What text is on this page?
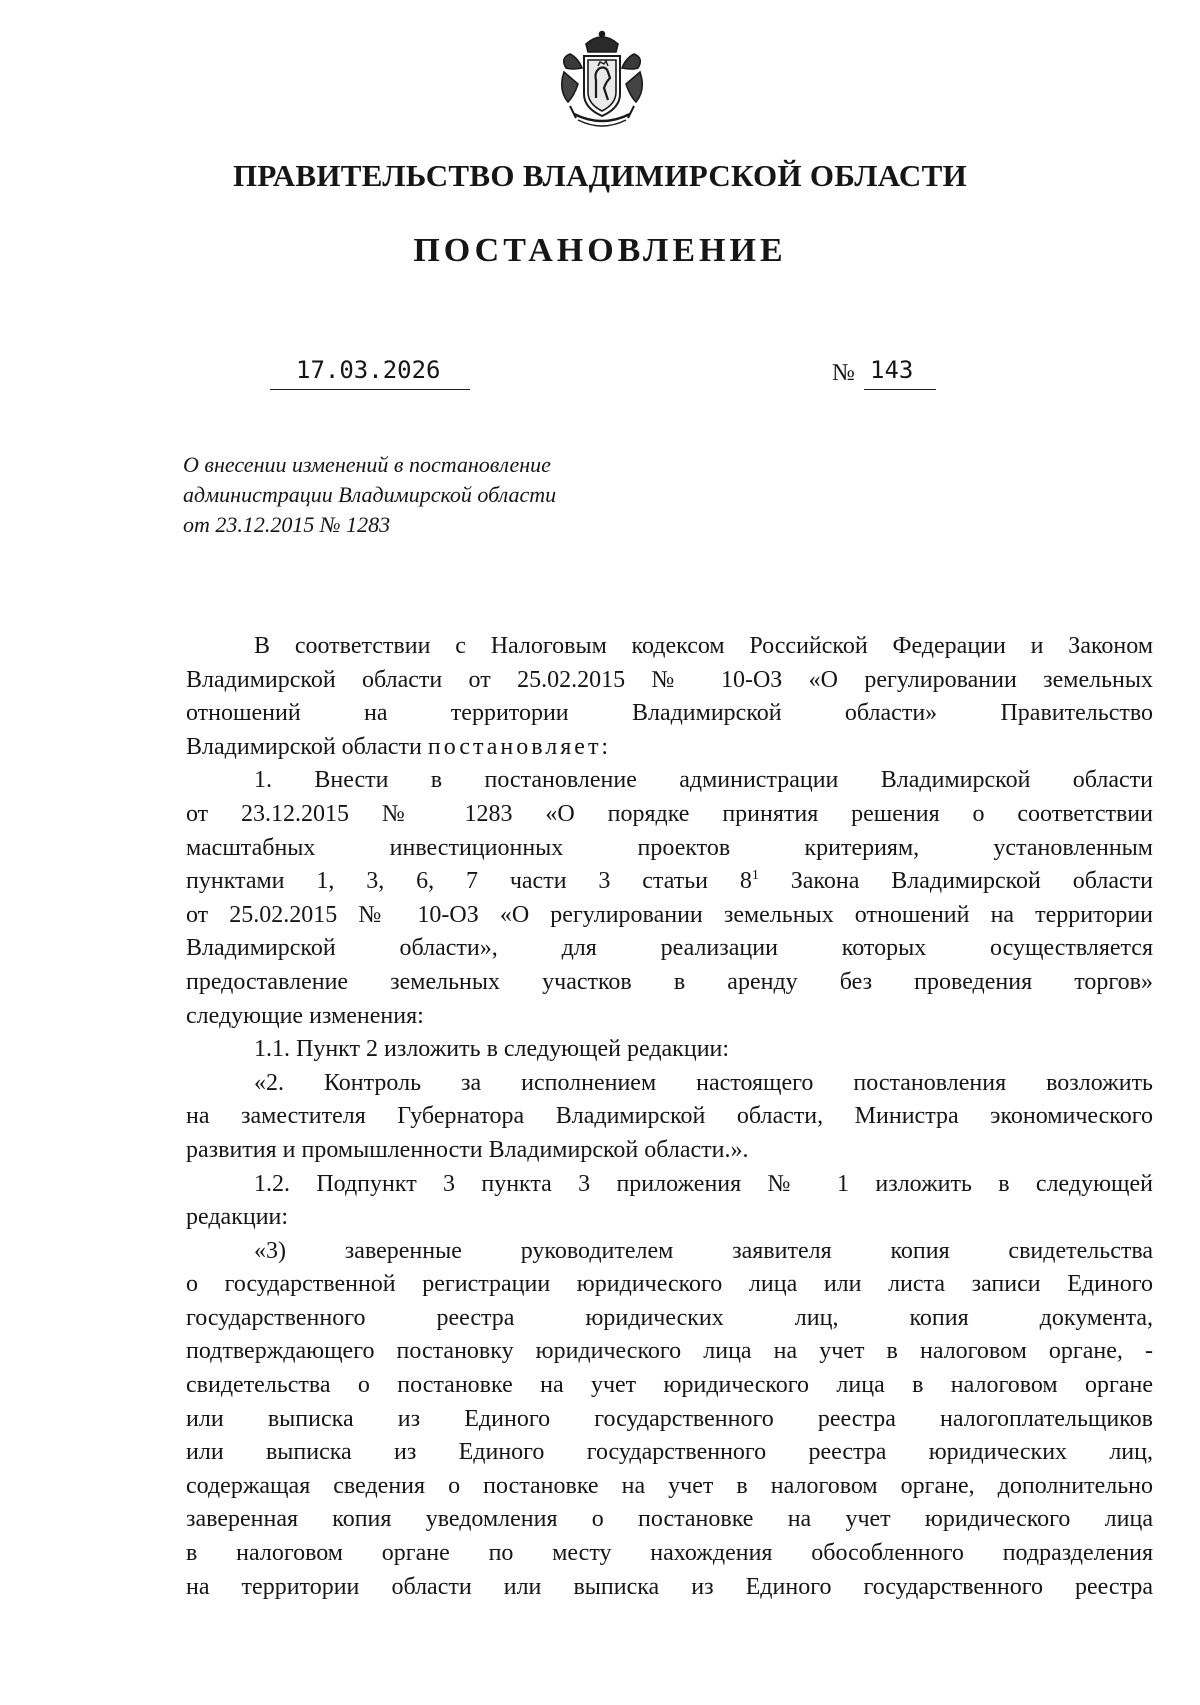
ПРАВИТЕЛЬСТВО ВЛАДИМИРСКОЙ ОБЛАСТИ
ПОСТАНОВЛЕНИЕ
17.03.2026	№ 143
О внесении изменений в постановление
администрации Владимирской области
от 23.12.2015 № 1283
В соответствии с Налоговым кодексом Российской Федерации и Законом
Владимирской области от 25.02.2015 № 10-ОЗ «О регулировании земельных
отношений на территории Владимирской области» Правительство
Владимирской области постановляет:
1. Внести в постановление администрации Владимирской области
от 23.12.2015 № 1283 «О порядке принятия решения о соответствии
масштабных инвестиционных проектов критериям, установленным
пунктами 1, 3, 6, 7 части 3 статьи $8^1$ Закона Владимирской области
от 25.02.2015 № 10-ОЗ «О регулировании земельных отношений на территории
Владимирской области», для реализации которых осуществляется
предоставление земельных участков в аренду без проведения торгов»
следующие изменения:
1.1. Пункт 2 изложить в следующей редакции:
«2. Контроль за исполнением настоящего постановления возложить
на заместителя Губернатора Владимирской области, Министра экономического
развития и промышленности Владимирской области.».
1.2. Подпункт 3 пункта 3 приложения № 1 изложить в следующей
редакции:
«3) заверенные руководителем заявителя копия свидетельства
о государственной регистрации юридического лица или листа записи Единого
государственного реестра юридических лиц, копия документа,
подтверждающего постановку юридического лица на учет в налоговом органе, -
свидетельства о постановке на учет юридического лица в налоговом органе
или выписка из Единого государственного реестра налогоплательщиков
или выписка из Единого государственного реестра юридических лиц,
содержащая сведения о постановке на учет в налоговом органе, дополнительно
заверенная копия уведомления о постановке на учет юридического лица
в налоговом органе по месту нахождения обособленного подразделения
на территории области или выписка из Единого государственного реестра
